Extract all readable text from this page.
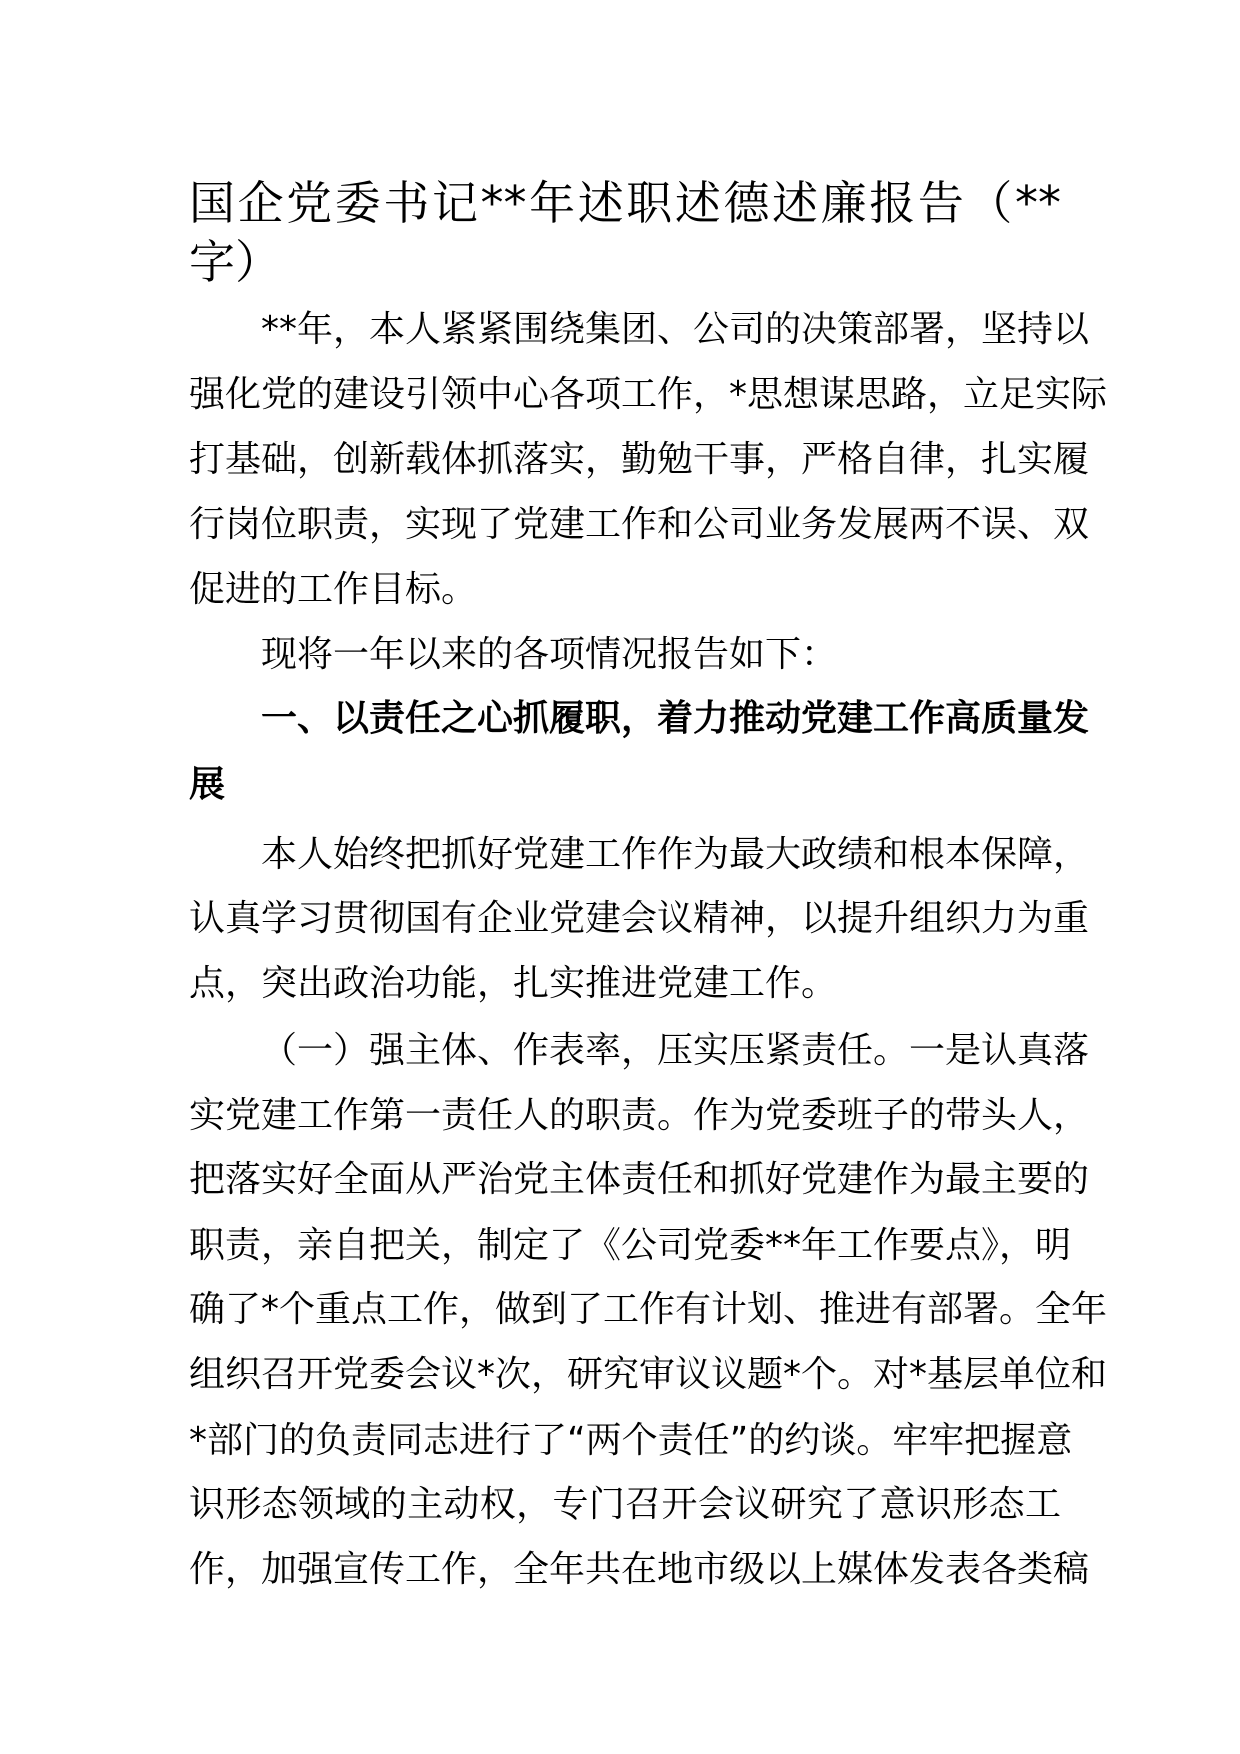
国企党委书记**年述职述德述廉报告（**
字）
**年，本人紧紧围绕集团、公司的决策部署，坚持以
强化党的建设引领中心各项工作，*思想谋思路，立足实际
打基础，创新载体抓落实，勤勉干事，严格自律，扎实履
行岗位职责，实现了党建工作和公司业务发展两不误、双
促进的工作目标。
现将一年以来的各项情况报告如下：
一、以责任之心抓履职，着力推动党建工作高质量发
展
本人始终把抓好党建工作作为最大政绩和根本保障，
认真学习贯彻国有企业党建会议精神，以提升组织力为重
点，突出政治功能，扎实推进党建工作。
（一）强主体、作表率，压实压紧责任。一是认真落
实党建工作第一责任人的职责。作为党委班子的带头人，
把落实好全面从严治党主体责任和抓好党建作为最主要的
职责，亲自把关，制定了《公司党委**年工作要点》，明
确了*个重点工作，做到了工作有计划、推进有部署。全年
组织召开党委会议*次，研究审议议题*个。对*基层单位和
*部门的负责同志进行了“两个责任”的约谈。牢牢把握意
识形态领域的主动权，专门召开会议研究了意识形态工
作，加强宣传工作，全年共在地市级以上媒体发表各类稿
